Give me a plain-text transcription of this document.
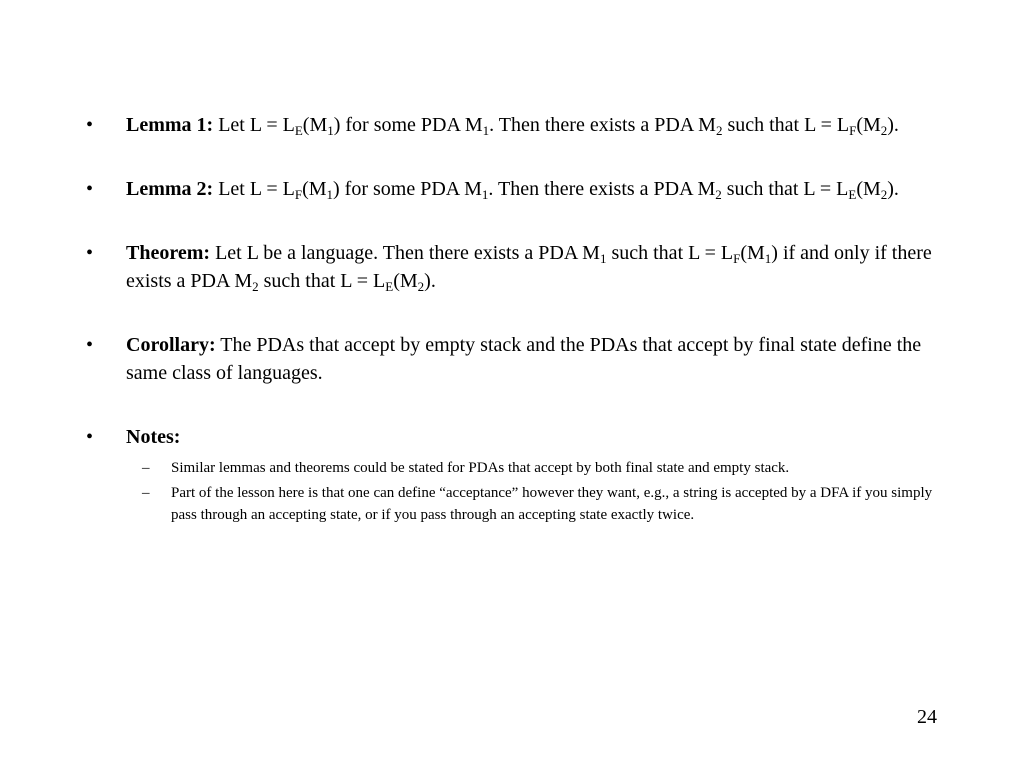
• Lemma 1: Let $L = L_E(M_1)$ for some PDA $M_1$. Then there exists a PDA $M_2$ such that $L = L_F(M_2)$.
• Lemma 2: Let $L = L_F(M_1)$ for some PDA $M_1$. Then there exists a PDA $M_2$ such that $L = L_E(M_2)$.
• Theorem: Let L be a language. Then there exists a PDA $M_1$ such that $L = L_F(M_1)$ if and only if there exists a PDA $M_2$ such that $L = L_E(M_2)$.
• Corollary: The PDAs that accept by empty stack and the PDAs that accept by final state define the same class of languages.
• Notes:
– Similar lemmas and theorems could be stated for PDAs that accept by both final state and empty stack.
– Part of the lesson here is that one can define “acceptance” however they want, e.g., a string is accepted by a DFA if you simply pass through an accepting state, or if you pass through an accepting state exactly twice.
24
